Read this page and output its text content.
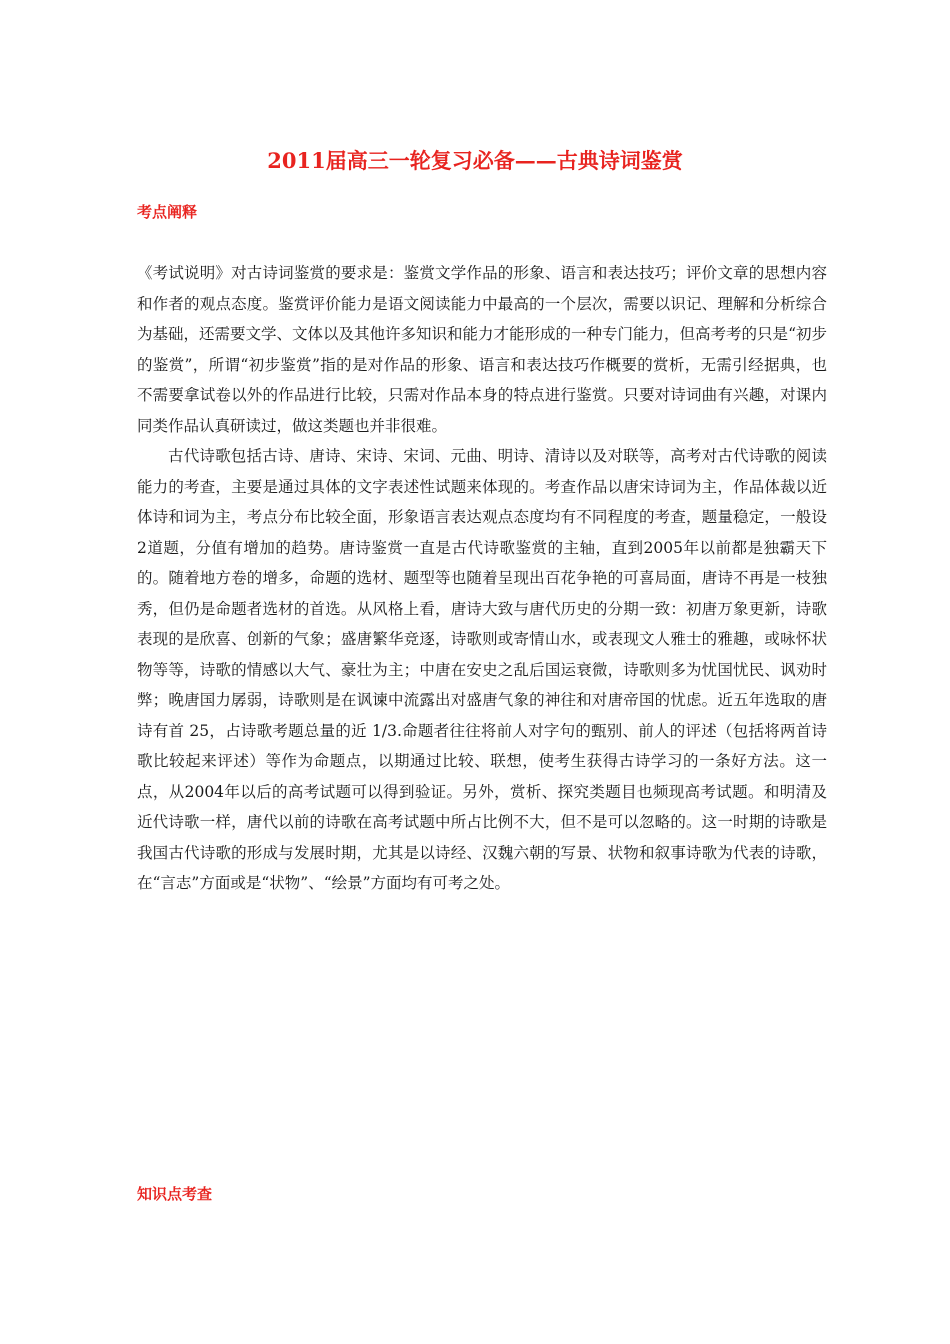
2011届高三一轮复习必备——古典诗词鉴赏
考点阐释

《考试说明》对古诗词鉴赏的要求是：鉴赏文学作品的形象、语言和表达技巧；评价文章的思想内容和作者的观点态度。鉴赏评价能力是语文阅读能力中最高的一个层次，需要以识记、理解和分析综合为基础，还需要文学、文体以及其他许多知识和能力才能形成的一种专门能力，但高考考的只是“初步的鉴赏”，所谓“初步鉴赏”指的是对作品的形象、语言和表达技巧作概要的赏析，无需引经据典，也不需要拿试卷以外的作品进行比较，只需对作品本身的特点进行鉴赏。只要对诗词曲有兴趣，对课内同类作品认真研读过，做这类题也并非很难。

古代诗歌包括古诗、唐诗、宋诗、宋词、元曲、明诗、清诗以及对联等，高考对古代诗歌的阅读能力的考查，主要是通过具体的文字表述性试题来体现的。考查作品以唐宋诗词为主，作品体裁以近体诗和词为主，考点分布比较全面，形象语言表达观点态度均有不同程度的考查，题量稳定，一般设2道题，分值有增加的趋势。唐诗鉴赏一直是古代诗歌鉴赏的主轴，直到2005年以前都是独霸天下的。随着地方卷的增多，命题的选材、题型等也随着呈现出百花争艳的可喜局面，唐诗不再是一枝独秀，但仍是命题者选材的首选。从风格上看，唐诗大致与唐代历史的分期一致：初唐万象更新，诗歌表现的是欣喜、创新的气象；盛唐繁华竞逐，诗歌则或寄情山水，或表现文人雅士的雅趣，或咏怀状物等等，诗歌的情感以大气、豪壮为主；中唐在安史之乱后国运衰微，诗歌则多为忧国忧民、讽劝时弊；晚唐国力孱弱，诗歌则是在讽谏中流露出对盛唐气象的神往和对唐帝国的忧虑。近五年选取的唐诗有首 25，占诗歌考题总量的近 1/3.命题者往往将前人对字句的甄别、前人的评述（包括将两首诗歌比较起来评述）等作为命题点，以期通过比较、联想，使考生获得古诗学习的一条好方法。这一点，从2004年以后的高考试题可以得到验证。另外，赏析、探究类题目也频现高考试题。和明清及近代诗歌一样，唐代以前的诗歌在高考试题中所占比例不大，但不是可以忽略的。这一时期的诗歌是我国古代诗歌的形成与发展时期，尤其是以诗经、汉魏六朝的写景、状物和叙事诗歌为代表的诗歌，在“言志”方面或是“状物”、“绘景”方面均有可考之处。

知识点考查
